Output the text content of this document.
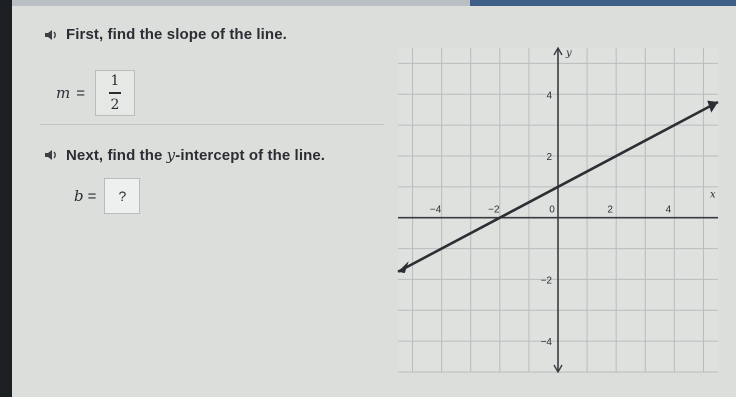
First, find the slope of the line.
m =
1
2
Next, find the y-intercept of the line.
b = ?
−4	−2	0	2	4
4
2
−2
−4
x
y
